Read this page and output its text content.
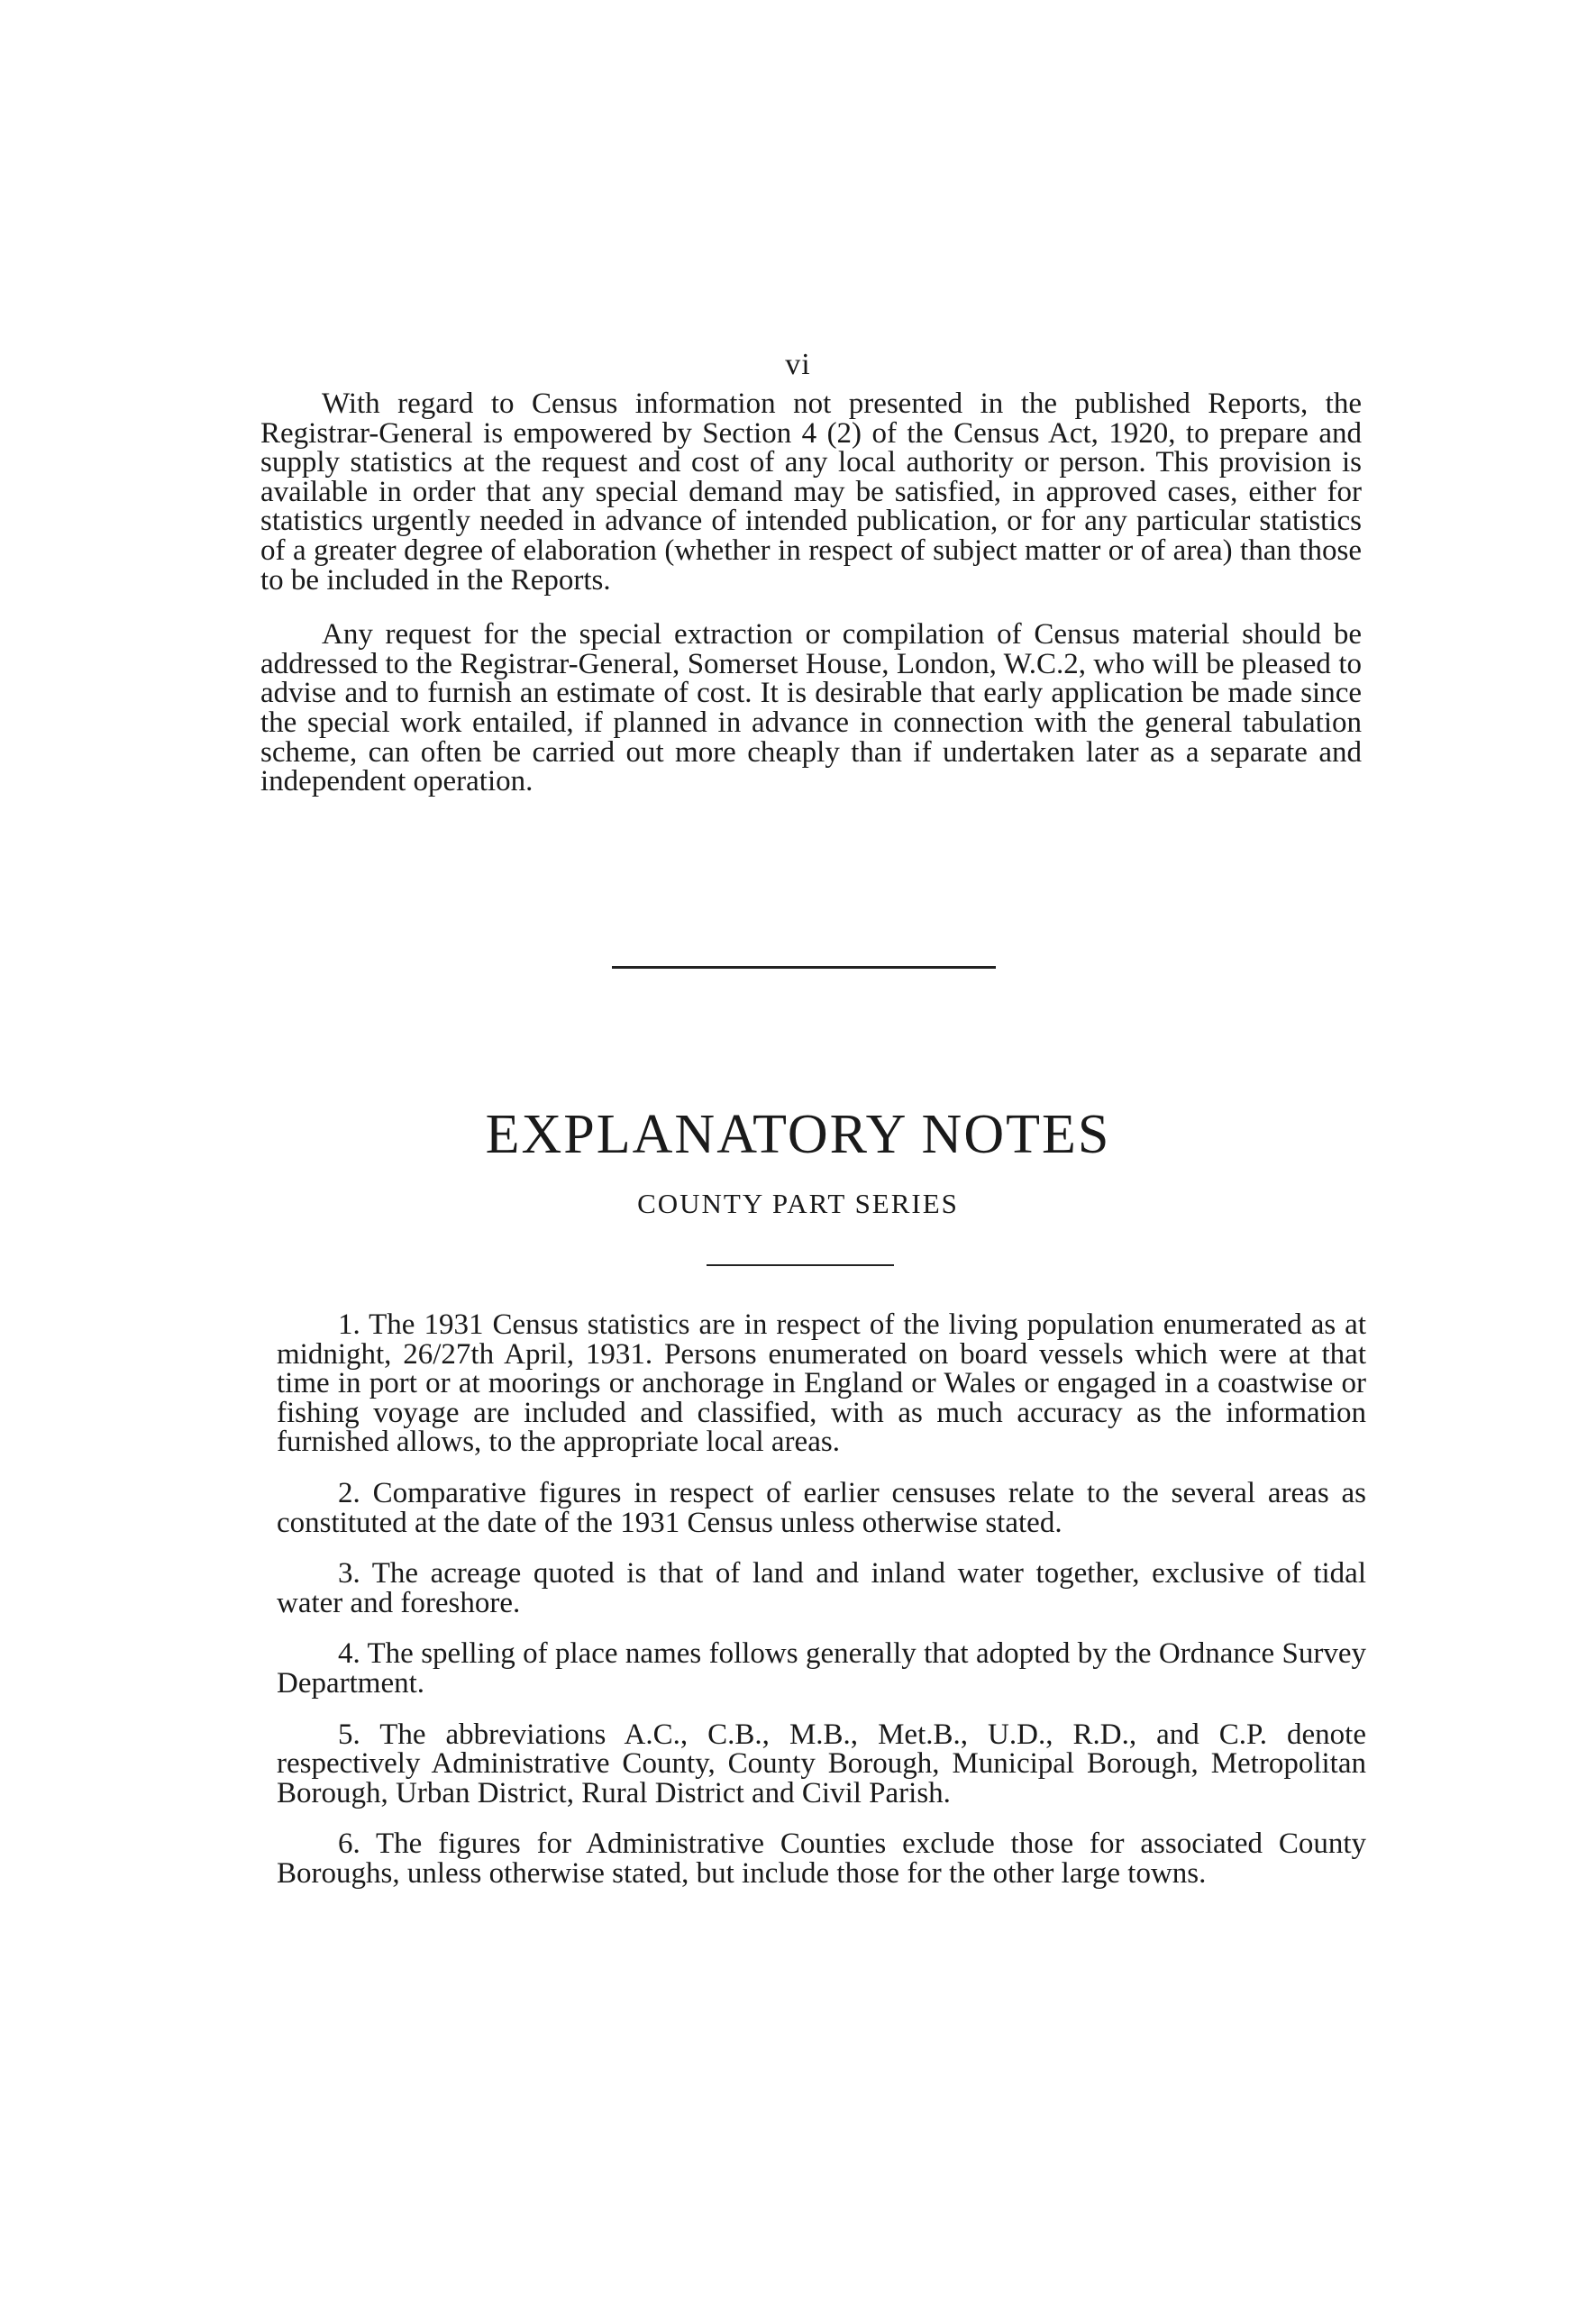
vi

With regard to Census information not presented in the published Reports, the Registrar-General is empowered by Section 4 (2) of the Census Act, 1920, to prepare and supply statistics at the request and cost of any local authority or person. This provision is available in order that any special demand may be satisfied, in approved cases, either for statistics urgently needed in advance of intended publication, or for any particular statistics of a greater degree of elaboration (whether in respect of subject matter or of area) than those to be included in the Reports.

Any request for the special extraction or compilation of Census material should be addressed to the Registrar-General, Somerset House, London, W.C.2, who will be pleased to advise and to furnish an estimate of cost. It is desirable that early application be made since the special work entailed, if planned in advance in connection with the general tabulation scheme, can often be carried out more cheaply than if undertaken later as a separate and independent operation.

EXPLANATORY NOTES
COUNTY PART SERIES

1. The 1931 Census statistics are in respect of the living population enumerated as at midnight, 26/27th April, 1931. Persons enumerated on board vessels which were at that time in port or at moorings or anchorage in England or Wales or engaged in a coastwise or fishing voyage are included and classified, with as much accuracy as the information furnished allows, to the appropriate local areas.

2. Comparative figures in respect of earlier censuses relate to the several areas as constituted at the date of the 1931 Census unless otherwise stated.

3. The acreage quoted is that of land and inland water together, exclusive of tidal water and foreshore.

4. The spelling of place names follows generally that adopted by the Ordnance Survey Department.

5. The abbreviations A.C., C.B., M.B., Met.B., U.D., R.D., and C.P. denote respectively Administrative County, County Borough, Municipal Borough, Metropolitan Borough, Urban District, Rural District and Civil Parish.

6. The figures for Administrative Counties exclude those for associated County Boroughs, unless otherwise stated, but include those for the other large towns.
